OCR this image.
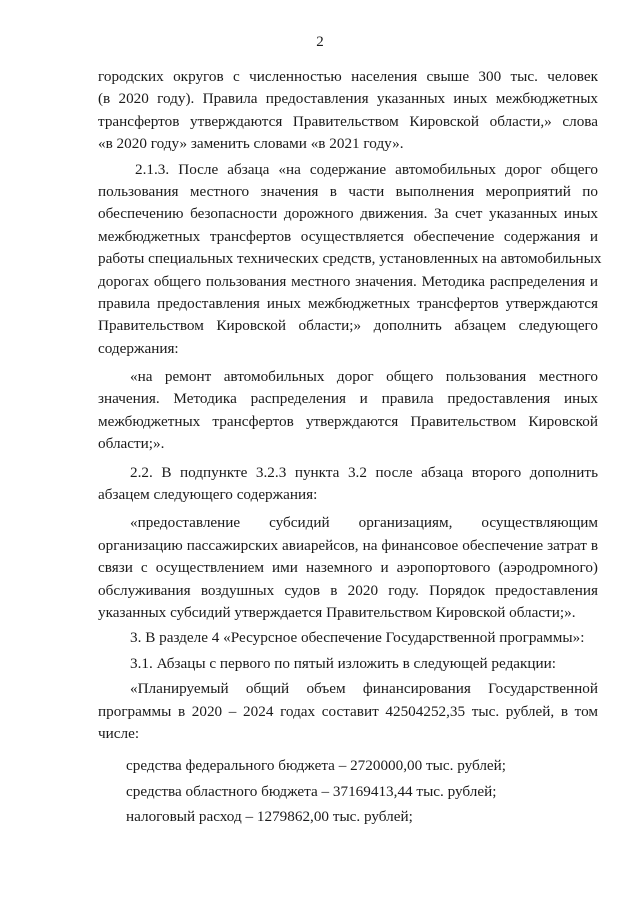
2
городских округов с численностью населения свыше 300 тыс. человек
(в 2020 году). Правила предоставления указанных иных межбюджетных
трансфертов утверждаются Правительством Кировской области,» слова
«в 2020 году» заменить словами «в 2021 году».
2.1.3. После абзаца «на содержание автомобильных дорог общего
пользования местного значения в части выполнения мероприятий по
обеспечению безопасности дорожного движения. За счет указанных иных
межбюджетных трансфертов осуществляется обеспечение содержания и
работы специальных технических средств, установленных на автомобильных
дорогах общего пользования местного значения. Методика распределения и
правила предоставления иных межбюджетных трансфертов утверждаются
Правительством Кировской области;» дополнить абзацем следующего
содержания:
«на ремонт автомобильных дорог общего пользования местного
значения. Методика распределения и правила предоставления иных
межбюджетных трансфертов утверждаются Правительством Кировской
области;».
2.2. В подпункте 3.2.3 пункта 3.2 после абзаца второго дополнить
абзацем следующего содержания:
«предоставление субсидий организациям, осуществляющим
организацию пассажирских авиарейсов, на финансовое обеспечение затрат в
связи с осуществлением ими наземного и аэропортового (аэродромного)
обслуживания воздушных судов в 2020 году. Порядок предоставления
указанных субсидий утверждается Правительством Кировской области;».
3. В разделе 4 «Ресурсное обеспечение Государственной программы»:
3.1. Абзацы с первого по пятый изложить в следующей редакции:
«Планируемый общий объем финансирования Государственной
программы в 2020 – 2024 годах составит 42504252,35 тыс. рублей, в том
числе:
средства федерального бюджета – 2720000,00 тыс. рублей;
средства областного бюджета – 37169413,44 тыс. рублей;
налоговый расход – 1279862,00 тыс. рублей;
